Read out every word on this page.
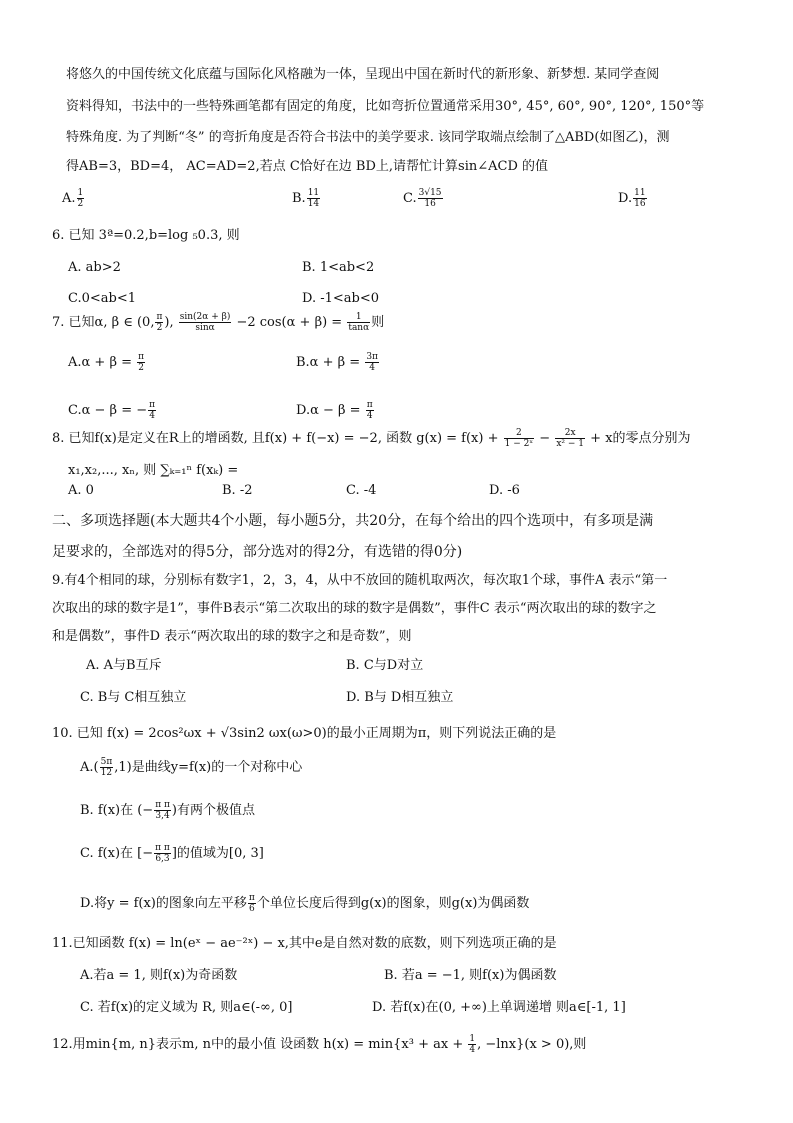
将悠久的中国传统文化底蕴与国际化风格融为一体，呈现出中国在新时代的新形象、新梦想. 某同学查阅
资料得知，书法中的一些特殊画笔都有固定的角度，比如弯折位置通常采用30°, 45°, 60°, 90°, 120°, 150°等
特殊角度. 为了判断“冬” 的弯折角度是否符合书法中的美学要求. 该同学取端点绘制了△ABD(如图乙)，测
得AB=3，BD=4， AC=AD=2,若点 C恰好在边 BD上,请帮忙计算sin∠ACD 的值
A. $\frac{1}{2}$	B. $\frac{11}{14}$	C. $\frac{3√15}{16}$	D. $\frac{11}{16}$
6. 已知 3ª=0.2,b=log ₅0.3, 则
A. ab>2	B. 1<ab<2
C.0<ab<1	D. -1<ab<0
7. 已知α, β ∈ (0, $\frac{\pi}{2}$ ), $\frac{\sin(2\alpha + \beta)}{\sin\alpha} -2$ $\cos(\alpha + \beta) = \frac{1}{\tan\alpha}$ 则
$A.\alpha + \beta = \frac{\pi}{2}$	$B.\alpha + \beta = \frac{3\pi}{4}$
C.α − β = − $\frac{\pi}{4}$	$D.\alpha - \beta = \frac{\pi}{4}$
8. 已知f(x)是定义在R上的增函数, 且f(x) + f(−x) = −2, 函数 $g(x) = f(x) + \frac{2}{\text{1 − 2ˣ}} - \frac{2x}{\text{x² − 1}} + x$的零点分别为
x₁,x₂,..., xₙ, 则 ∑ₖ₌₁ⁿ f(xₖ) =
A. 0	B. -2	C. -4	D. -6
二、多项选择题(本大题共4个小题，每小题5分，共20分，在每个给出的四个选项中，有多项是满
足要求的，全部选对的得5分，部分选对的得2分，有选错的得0分)
9.有4个相同的球，分别标有数字1，2，3，4，从中不放回的随机取两次，每次取1个球，事件A 表示“第一
次取出的球的数字是1”，事件B表示“第二次取出的球的数字是偶数”，事件C 表示“两次取出的球的数字之
和是偶数”，事件D 表示“两次取出的球的数字之和是奇数”，则
A. A与B互斥	B. C与D对立
C. B与 C相互独立	D. B与 D相互独立
10. 已知 f(x) = 2cos²ωx + √3sin2 ωx(ω>0)的最小正周期为π，则下列说法正确的是
$A.( \frac{5\pi}{12} ,1)$是曲线y=f(x)的一个对称中心
B. f(x)在 (− $\frac{\text{π π}}{3,4}$ )有两个极值点
C. f(x)在 [− $\frac{\text{π π}}{6,3}$ ]的值域为[0, 3]
D.将y = f(x)的图象向左平移 $\frac{\pi}{6}$ 个单位长度后得到g(x)的图象，则g(x)为偶函数
11.已知函数 f(x) = ln(eˣ − ae⁻²ˣ) − x,其中e是自然对数的底数，则下列选项正确的是
A.若a = 1, 则f(x)为奇函数	B. 若a = −1, 则f(x)为偶函数
C. 若f(x)的定义域为 R, 则a∈(-∞, 0]	D. 若f(x)在(0, +∞)上单调递增 则a∈[-1, 1]
12.用min{m, n}表示m, n中的最小值 设函数 h(x) = min{x³ + ax + $\frac{1}{4}$ , −lnx}(x > 0),则
